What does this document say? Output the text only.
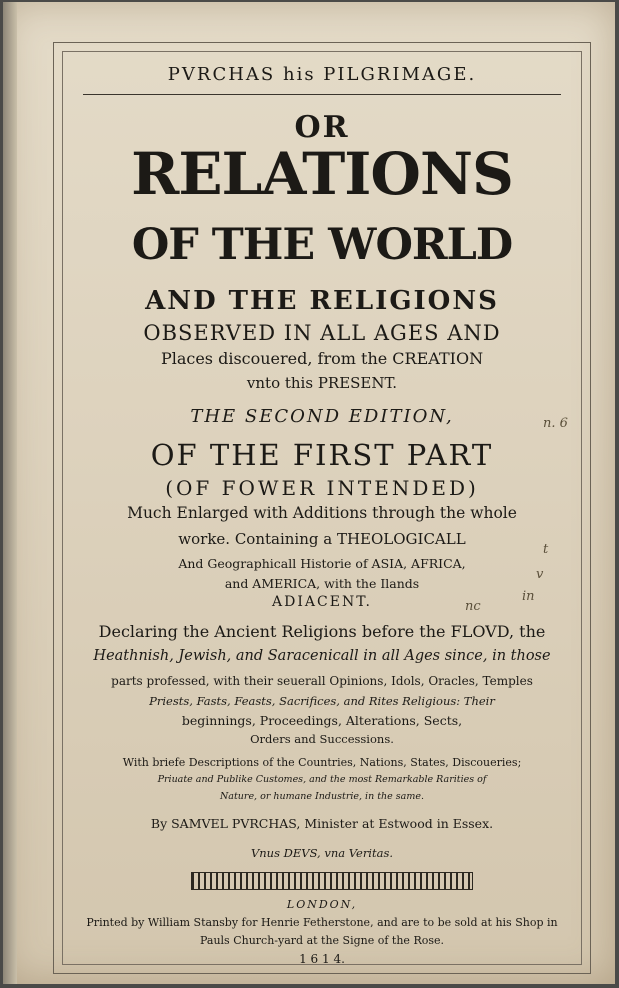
PVRCHAS his PILGRIMAGE.
OR
RELATIONS
OF THE WORLD
AND THE RELIGIONS
OBSERVED IN ALL AGES AND
Places discouered, from the CREATION
vnto this PRESENT.
THE SECOND EDITION,
OF THE FIRST PART
(OF FOWER INTENDED)
Much Enlarged with Additions through the whole
worke. Containing a THEOLOGICALL
And Geographicall Historie of ASIA, AFRICA,
and AMERICA, with the Ilands
ADIACENT.
Declaring the Ancient Religions before the FLOVD, the
Heathnish, Jewish, and Saracenicall in all Ages since, in those
parts professed, with their seuerall Opinions, Idols, Oracles, Temples
Priests, Fasts, Feasts, Sacrifices, and Rites Religious: Their
beginnings, Proceedings, Alterations, Sects,
Orders and Successions.
With briefe Descriptions of the Countries, Nations, States, Discoueries;
Priuate and Publike Customes, and the most Remarkable Rarities of
Nature, or humane Industrie, in the same.
By SAMVEL PVRCHAS, Minister at Estwood in Essex.
Vnus DEVS, vna Veritas.
LONDON,
Printed by William Stansby for Henrie Fetherstone, and are to be sold at his Shop in
Pauls Church-yard at the Signe of the Rose.
1 6 1 4.
n. 6
t
v
in
nc
